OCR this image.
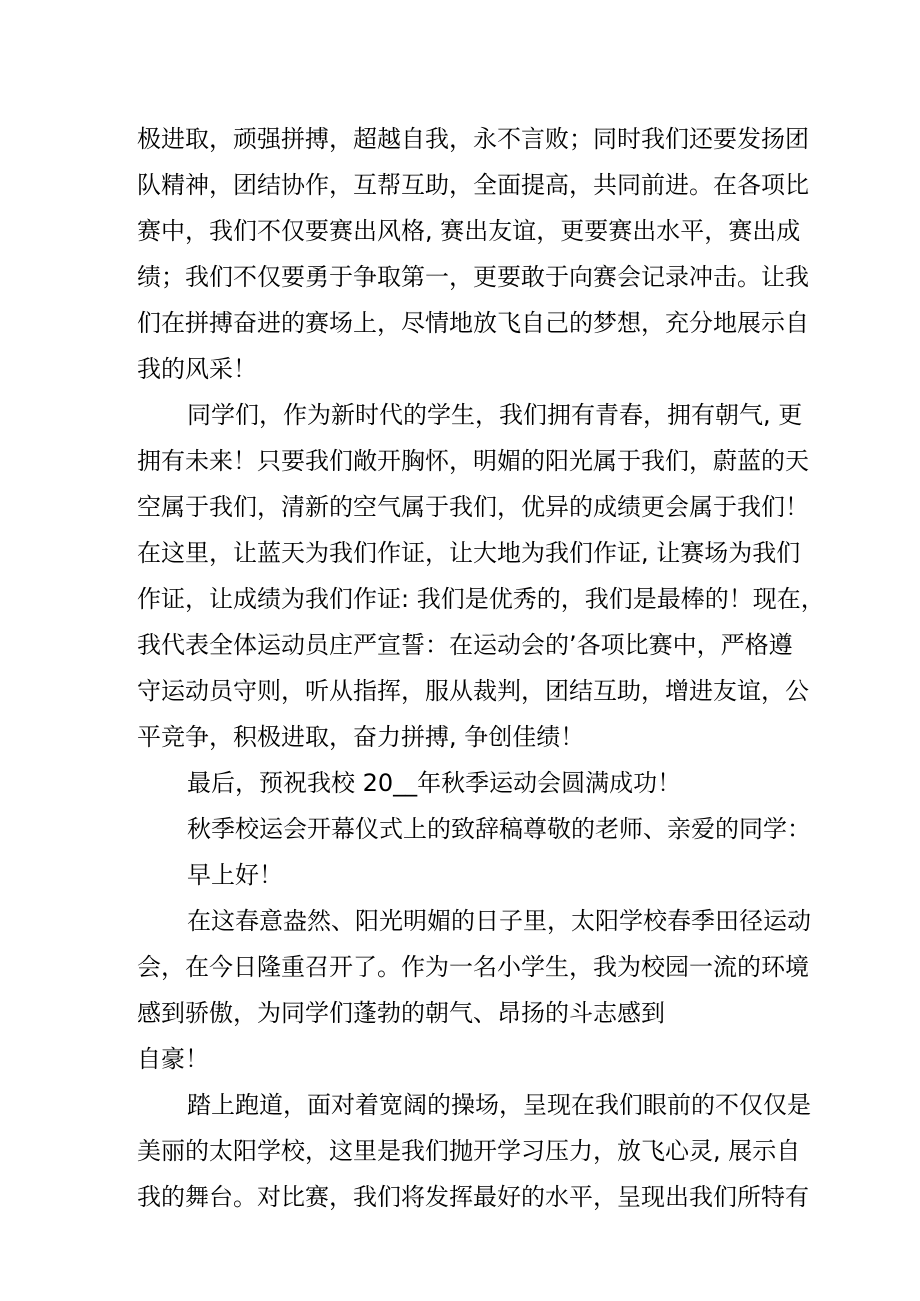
极进取，顽强拼搏，超越自我，永不言败；同时我们还要发扬团
队精神，团结协作，互帮互助，全面提高，共同前进。在各项比
赛中，我们不仅要赛出风格, 赛出友谊，更要赛出水平，赛出成
绩；我们不仅要勇于争取第一，更要敢于向赛会记录冲击。让我
们在拼搏奋进的赛场上，尽情地放飞自己的梦想，充分地展示自
我的风采！
同学们，作为新时代的学生，我们拥有青春，拥有朝气, 更
拥有未来！只要我们敞开胸怀，明媚的阳光属于我们，蔚蓝的天
空属于我们，清新的空气属于我们，优异的成绩更会属于我们！
在这里，让蓝天为我们作证，让大地为我们作证, 让赛场为我们
作证，让成绩为我们作证: 我们是优秀的，我们是最棒的！现在，
我代表全体运动员庄严宣誓：在运动会的’各项比赛中，严格遵
守运动员守则，听从指挥，服从裁判，团结互助，增进友谊，公
平竞争，积极进取，奋力拼搏, 争创佳绩！
最后，预祝我校 20__年秋季运动会圆满成功！
秋季校运会开幕仪式上的致辞稿尊敬的老师、亲爱的同学：
早上好！
在这春意盎然、阳光明媚的日子里，太阳学校春季田径运动
会，在今日隆重召开了。作为一名小学生，我为校园一流的环境
感到骄傲，为同学们蓬勃的朝气、昂扬的斗志感到
自豪！
踏上跑道，面对着宽阔的操场，呈现在我们眼前的不仅仅是
美丽的太阳学校，这里是我们抛开学习压力，放飞心灵, 展示自
我的舞台。对比赛，我们将发挥最好的水平，呈现出我们所特有
